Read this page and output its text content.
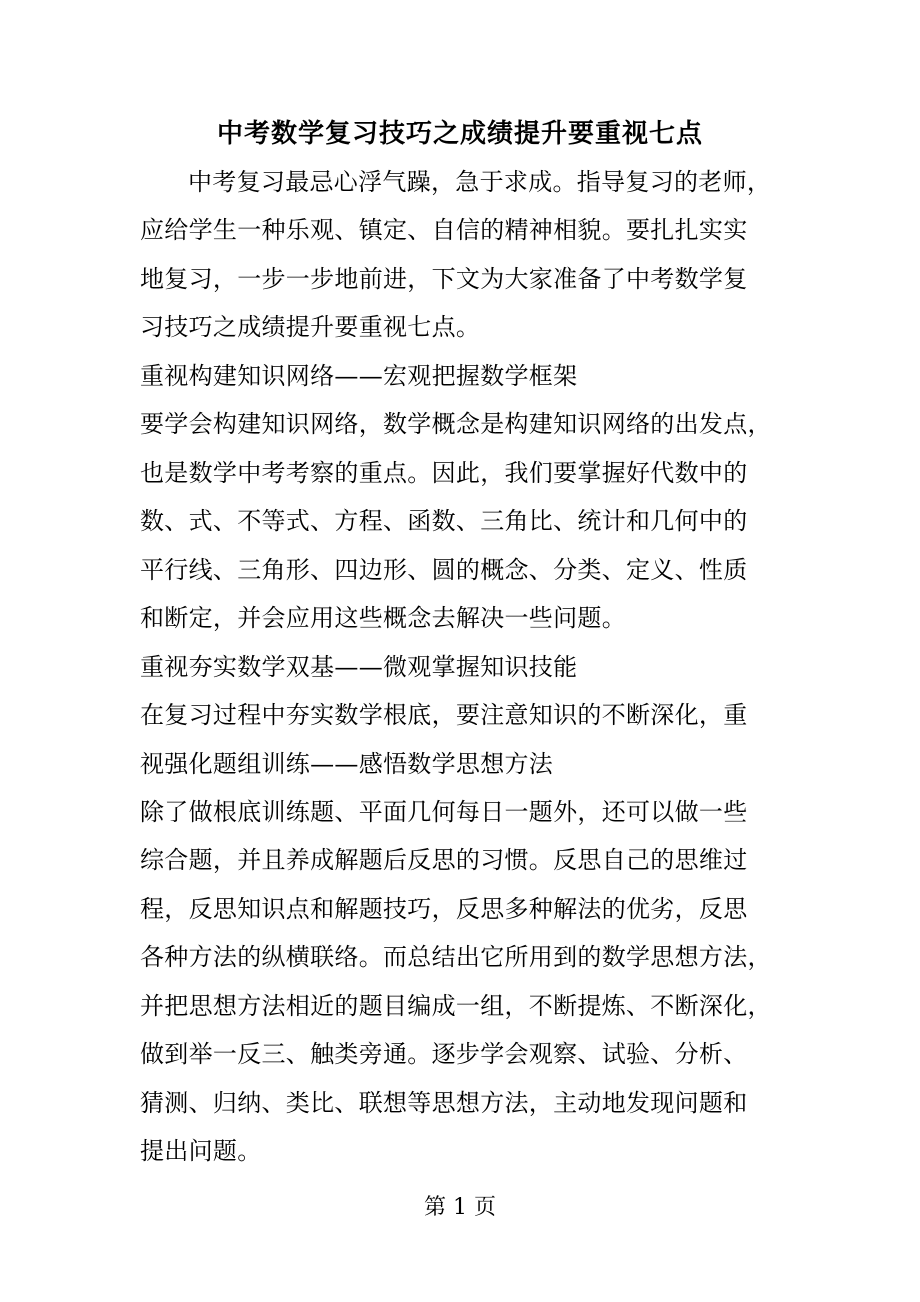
中考数学复习技巧之成绩提升要重视七点
中考复习最忌心浮气躁，急于求成。指导复习的老师，
应给学生一种乐观、镇定、自信的精神相貌。要扎扎实实
地复习，一步一步地前进，下文为大家准备了中考数学复
习技巧之成绩提升要重视七点。
重视构建知识网络——宏观把握数学框架
要学会构建知识网络，数学概念是构建知识网络的出发点，
也是数学中考考察的重点。因此，我们要掌握好代数中的
数、式、不等式、方程、函数、三角比、统计和几何中的
平行线、三角形、四边形、圆的概念、分类、定义、性质
和断定，并会应用这些概念去解决一些问题。
重视夯实数学双基——微观掌握知识技能
在复习过程中夯实数学根底，要注意知识的不断深化，重
视强化题组训练——感悟数学思想方法
除了做根底训练题、平面几何每日一题外，还可以做一些
综合题，并且养成解题后反思的习惯。反思自己的思维过
程，反思知识点和解题技巧，反思多种解法的优劣，反思
各种方法的纵横联络。而总结出它所用到的数学思想方法，
并把思想方法相近的题目编成一组，不断提炼、不断深化，
做到举一反三、触类旁通。逐步学会观察、试验、分析、
猜测、归纳、类比、联想等思想方法，主动地发现问题和
提出问题。
第 1 页
